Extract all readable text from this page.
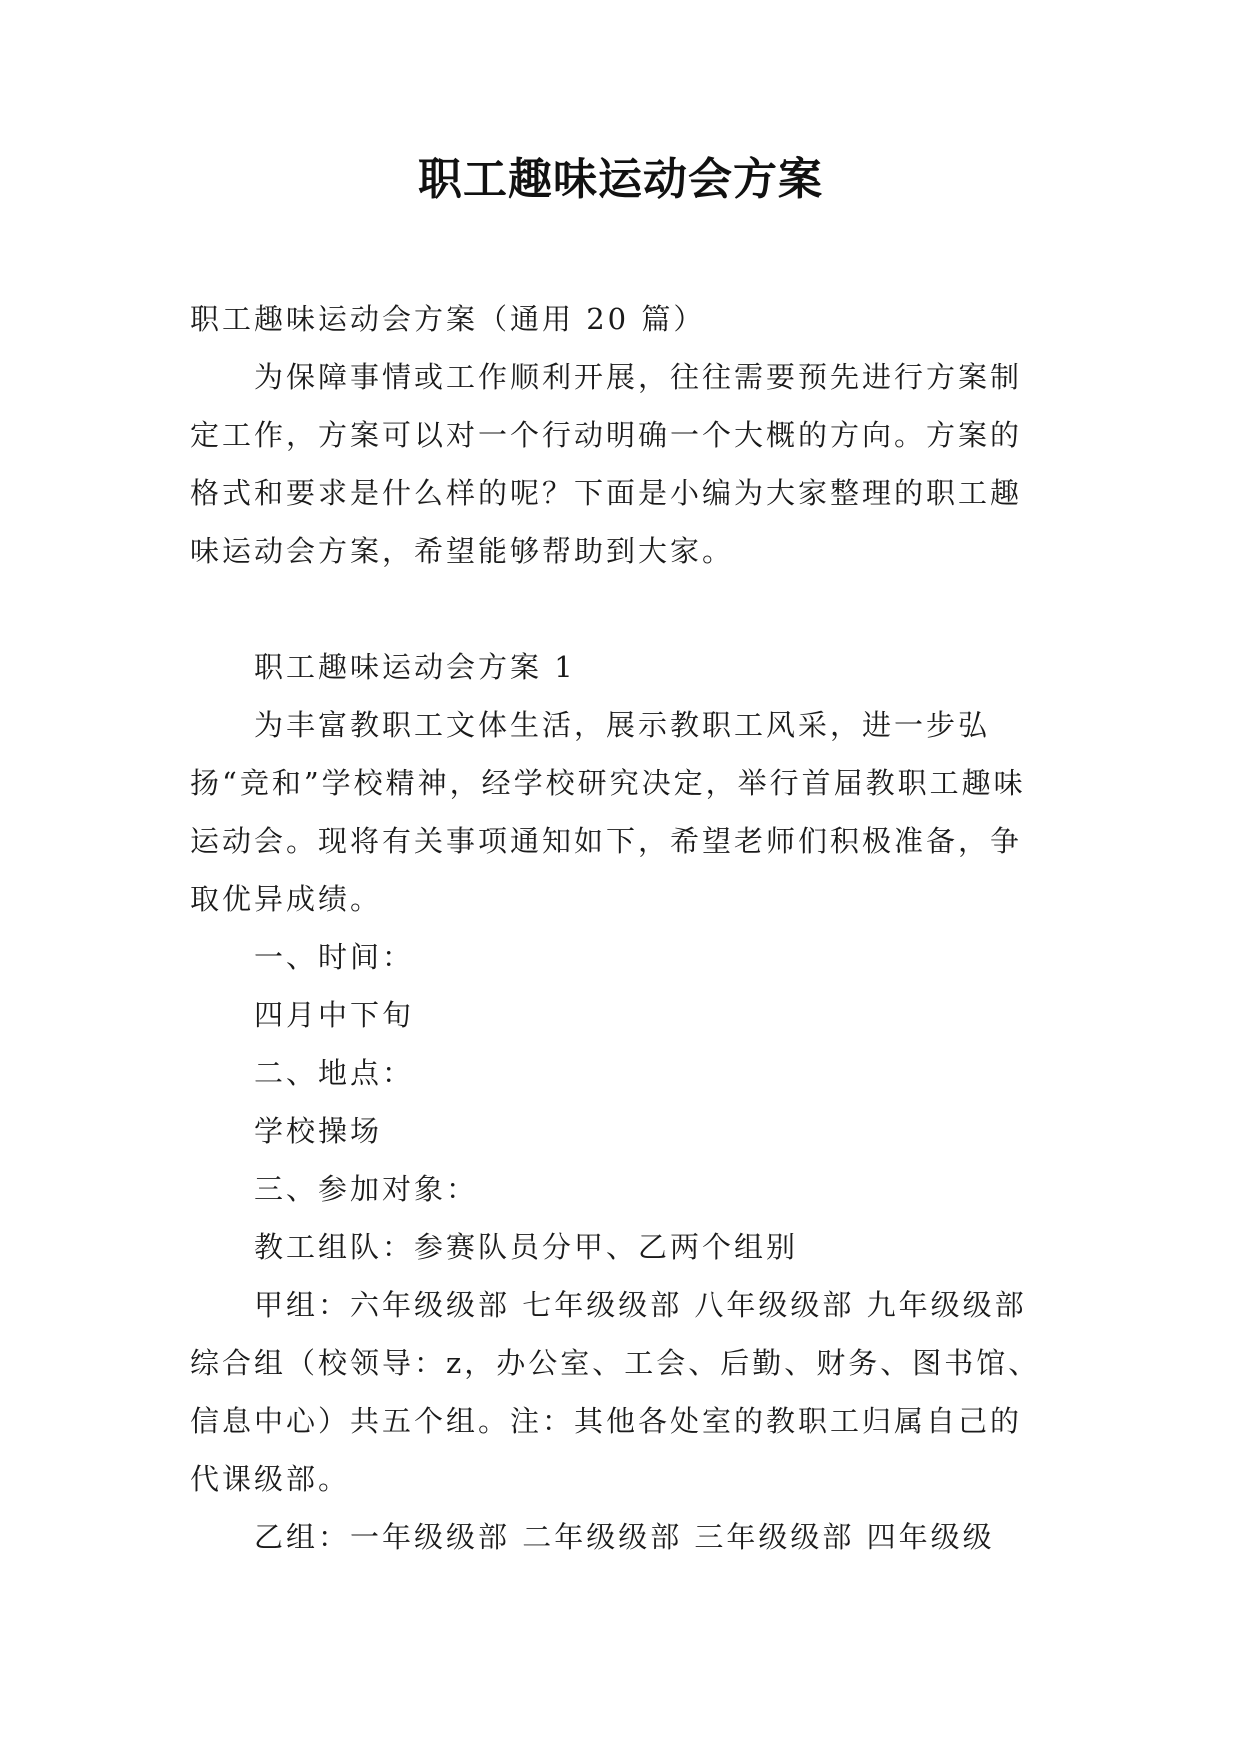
职工趣味运动会方案

职工趣味运动会方案（通用 20 篇）

为保障事情或工作顺利开展，往往需要预先进行方案制定工作，方案可以对一个行动明确一个大概的方向。方案的格式和要求是什么样的呢？下面是小编为大家整理的职工趣味运动会方案，希望能够帮助到大家。

职工趣味运动会方案 1

为丰富教职工文体生活，展示教职工风采，进一步弘扬“竞和”学校精神，经学校研究决定，举行首届教职工趣味运动会。现将有关事项通知如下，希望老师们积极准备，争取优异成绩。

一、时间：

四月中下旬

二、地点：

学校操场

三、参加对象：

教工组队：参赛队员分甲、乙两个组别

甲组：六年级级部 七年级级部 八年级级部 九年级级部 综合组（校领导：z，办公室、工会、后勤、财务、图书馆、信息中心）共五个组。注：其他各处室的教职工归属自己的代课级部。

乙组：一年级级部 二年级级部 三年级级部 四年级级
